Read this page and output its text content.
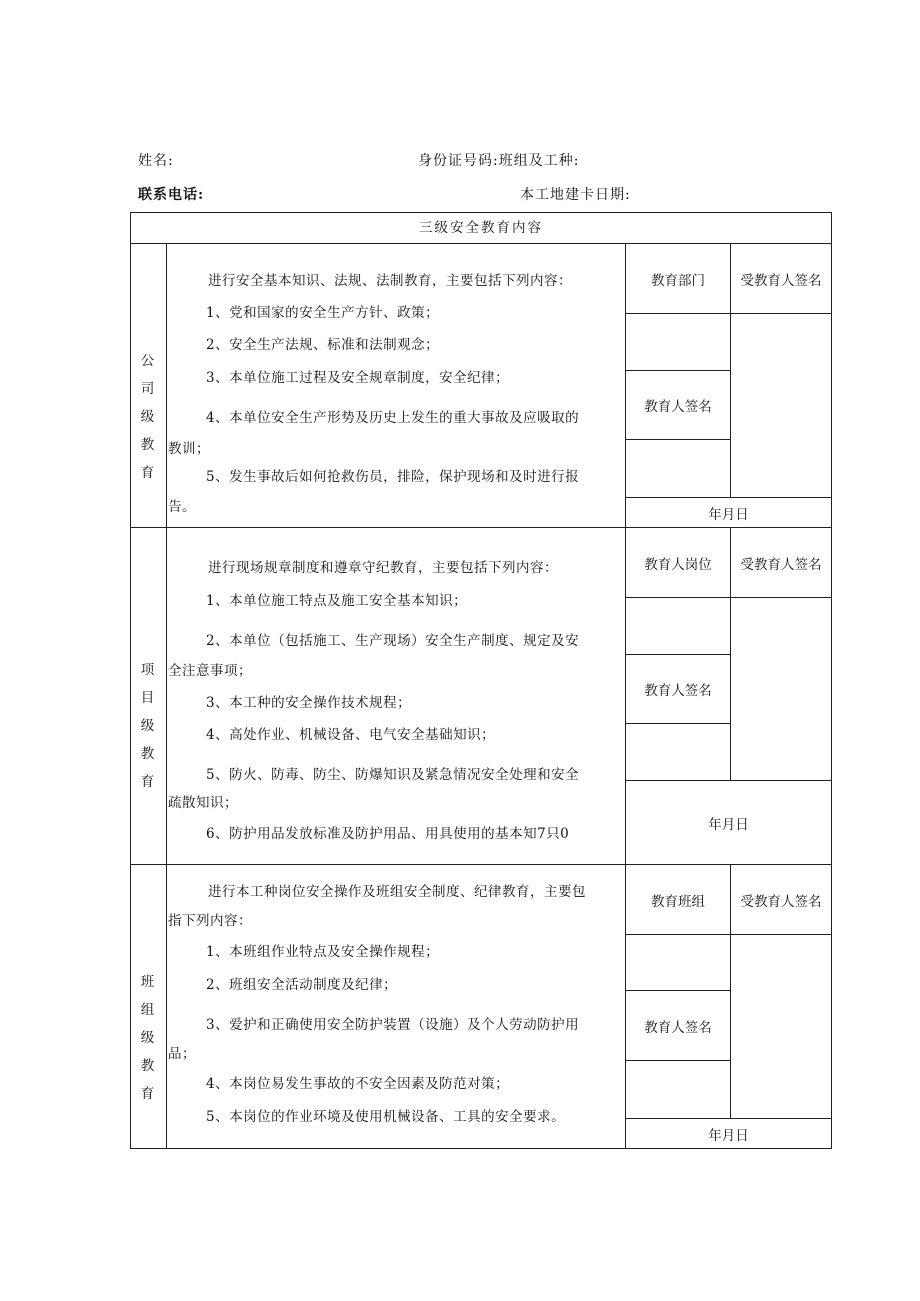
姓名:	身份证号码:班组及工种:
联系电话:	本工地建卡日期:
三级安全教育内容
公司级教育

进行安全基本知识、法规、法制教育，主要包括下列内容：

1、党和国家的安全生产方针、政策；

2、安全生产法规、标准和法制观念；

3、本单位施工过程及安全规章制度，安全纪律；

4、本单位安全生产形势及历史上发生的重大事故及应吸取的

教训；

5、发生事故后如何抢救伤员，排险，保护现场和及时进行报

告。

教育部门	受教育人签名
教育人签名
年月日
项目级教育

进行现场规章制度和遵章守纪教育，主要包括下列内容：

1、本单位施工特点及施工安全基本知识；

2、本单位（包括施工、生产现场）安全生产制度、规定及安

全注意事项；

3、本工种的安全操作技术规程；

4、高处作业、机械设备、电气安全基础知识；

5、防火、防毒、防尘、防爆知识及紧急情况安全处理和安全

疏散知识；

6、防护用品发放标准及防护用品、用具使用的基本知7只0

教育人岗位	受教育人签名
教育人签名
年月日
班组级教育

进行本工种岗位安全操作及班组安全制度、纪律教育，主要包

指下列内容：

1、本班组作业特点及安全操作规程；

2、班组安全活动制度及纪律；

3、爱护和正确使用安全防护装置（设施）及个人劳动防护用

品；

4、本岗位易发生事故的不安全因素及防范对策；

5、本岗位的作业环境及使用机械设备、工具的安全要求。

教育班组	受教育人签名
教育人签名
年月日
